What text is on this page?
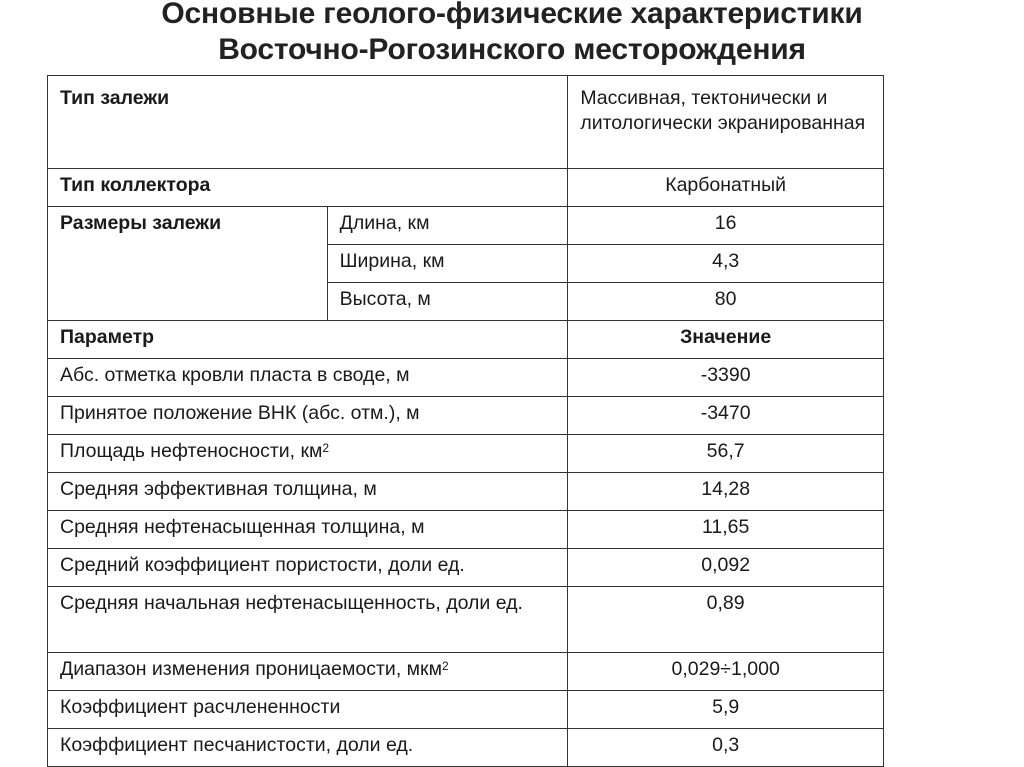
Основные геолого-физические характеристики
Восточно-Рогозинского месторождения
Тип залежи		Массивная, тектонически и литологически экранированная
Тип коллектора		Карбонатный
Размеры залежи	Длина, км	16
	Ширина, км	4,3
	Высота, м	80
Параметр		Значение
Абс. отметка кровли пласта в своде, м		-3390
Принятое положение ВНК (абс. отм.), м		-3470
Площадь нефтеносности, $км^2$		56,7
Средняя эффективная толщина, м		14,28
Средняя нефтенасыщенная толщина, м		11,65
Средний коэффициент пористости, доли ед.		0,092
Средняя начальная нефтенасыщенность, доли ед.		0,89
Диапазон изменения проницаемости, мкм$^2$		0,029÷1,000
Коэффициент расчлененности		5,9
Коэффициент песчанистости, доли ед.		0,3
